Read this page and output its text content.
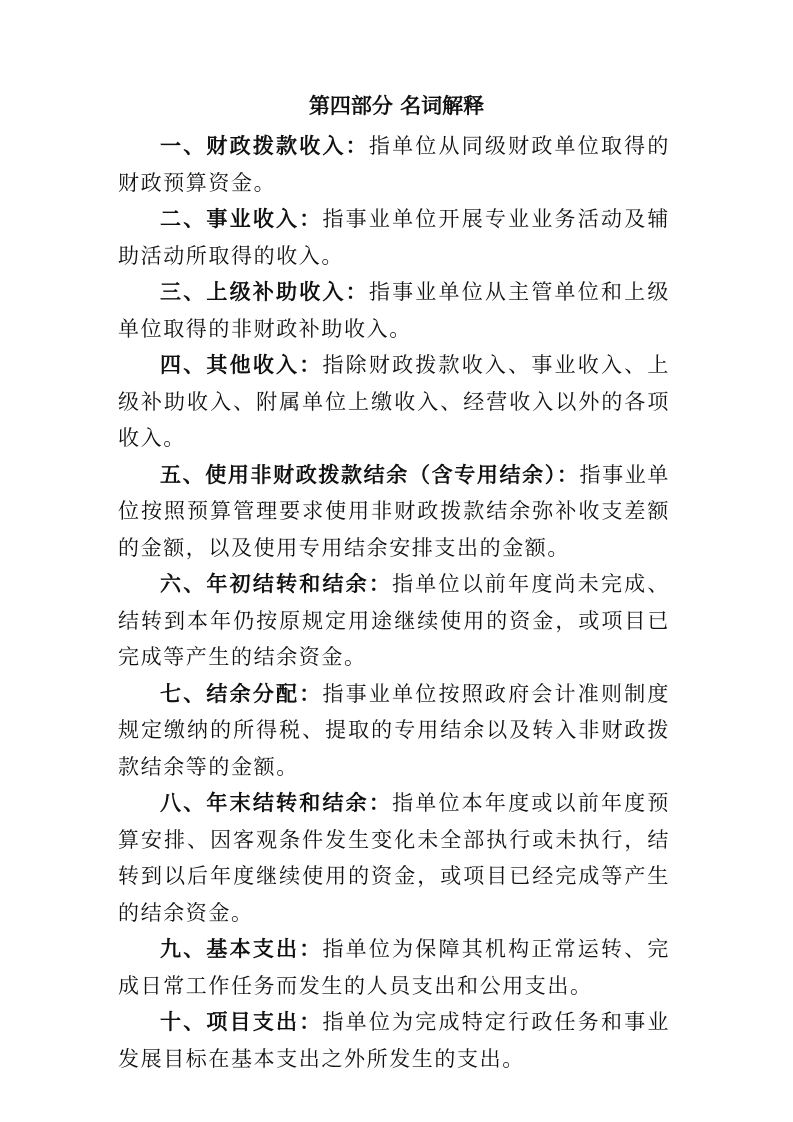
第四部分 名词解释

一、财政拨款收入：指单位从同级财政单位取得的财政预算资金。

二、事业收入：指事业单位开展专业业务活动及辅助活动所取得的收入。

三、上级补助收入：指事业单位从主管单位和上级单位取得的非财政补助收入。

四、其他收入：指除财政拨款收入、事业收入、上级补助收入、附属单位上缴收入、经营收入以外的各项收入。

五、使用非财政拨款结余（含专用结余）：指事业单位按照预算管理要求使用非财政拨款结余弥补收支差额的金额，以及使用专用结余安排支出的金额。

六、年初结转和结余：指单位以前年度尚未完成、结转到本年仍按原规定用途继续使用的资金，或项目已完成等产生的结余资金。

七、结余分配：指事业单位按照政府会计准则制度规定缴纳的所得税、提取的专用结余以及转入非财政拨款结余等的金额。

八、年末结转和结余：指单位本年度或以前年度预算安排、因客观条件发生变化未全部执行或未执行，结转到以后年度继续使用的资金，或项目已经完成等产生的结余资金。

九、基本支出：指单位为保障其机构正常运转、完成日常工作任务而发生的人员支出和公用支出。

十、项目支出：指单位为完成特定行政任务和事业发展目标在基本支出之外所发生的支出。
